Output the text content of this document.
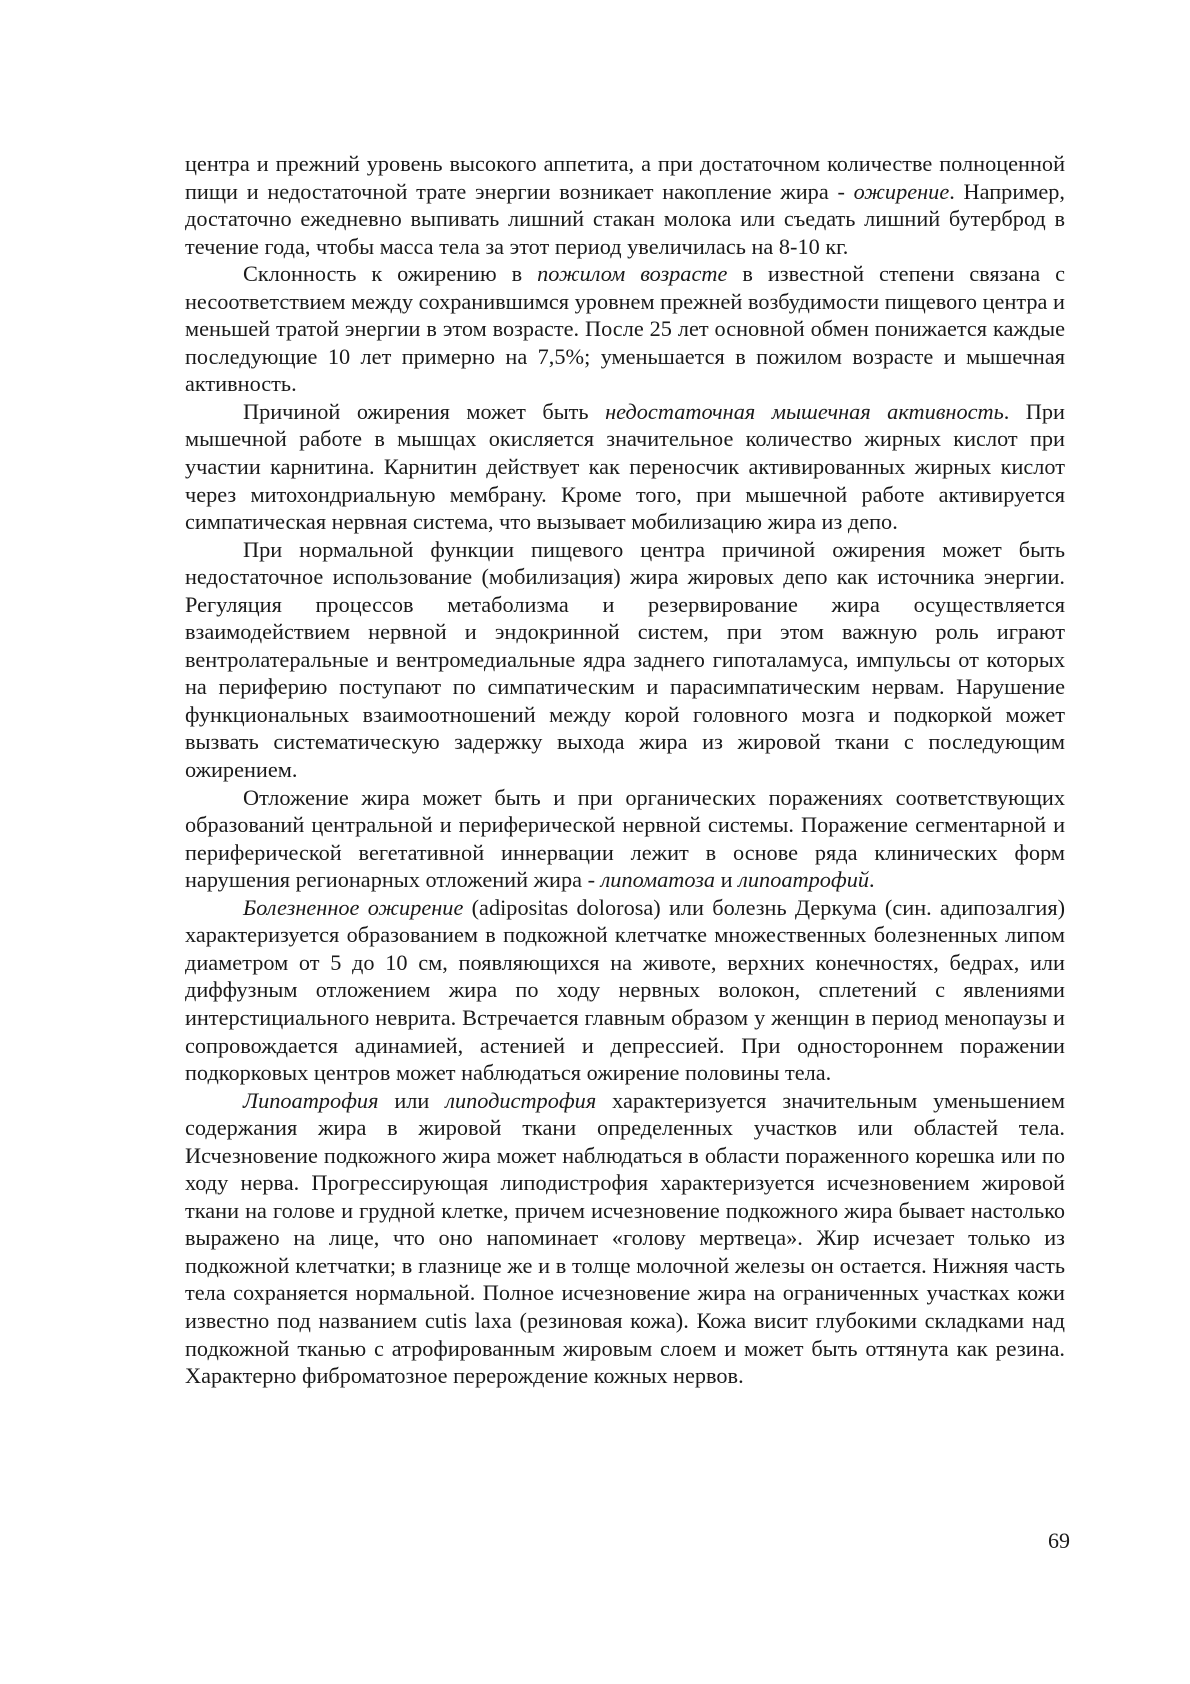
центра и прежний уровень высокого аппетита, а при достаточном количестве полноценной пищи и недостаточной трате энергии возникает накопление жира - ожирение. Например, достаточно ежедневно выпивать лишний стакан молока или съедать лишний бутерброд в течение года, чтобы масса тела за этот период увеличилась на 8-10 кг.

Склонность к ожирению в пожилом возрасте в известной степени связана с несоответствием между сохранившимся уровнем прежней возбудимости пищевого центра и меньшей тратой энергии в этом возрасте. После 25 лет основной обмен понижается каждые последующие 10 лет примерно на 7,5%; уменьшается в пожилом возрасте и мышечная активность.

Причиной ожирения может быть недостаточная мышечная активность. При мышечной работе в мышцах окисляется значительное количество жирных кислот при участии карнитина. Карнитин действует как переносчик активированных жирных кислот через митохондриальную мембрану. Кроме того, при мышечной работе активируется симпатическая нервная система, что вызывает мобилизацию жира из депо.

При нормальной функции пищевого центра причиной ожирения может быть недостаточное использование (мобилизация) жира жировых депо как источника энергии. Регуляция процессов метаболизма и резервирование жира осуществляется взаимодействием нервной и эндокринной систем, при этом важную роль играют вентролатеральные и вентромедиальные ядра заднего гипоталамуса, импульсы от которых на периферию поступают по симпатическим и парасимпатическим нервам. Нарушение функциональных взаимоотношений между корой головного мозга и подкоркой может вызвать систематическую задержку выхода жира из жировой ткани с последующим ожирением.

Отложение жира может быть и при органических поражениях соответствующих образований центральной и периферической нервной системы. Поражение сегментарной и периферической вегетативной иннервации лежит в основе ряда клинических форм нарушения регионарных отложений жира - липоматоза и липоатрофий.

Болезненное ожирение (adipositas dolorosa) или болезнь Деркума (син. адипозалгия) характеризуется образованием в подкожной клетчатке множественных болезненных липом диаметром от 5 до 10 см, появляющихся на животе, верхних конечностях, бедрах, или диффузным отложением жира по ходу нервных волокон, сплетений с явлениями интерстициального неврита. Встречается главным образом у женщин в период менопаузы и сопровождается адинамией, астенией и депрессией. При одностороннем поражении подкорковых центров может наблюдаться ожирение половины тела.

Липоатрофия или липодистрофия характеризуется значительным уменьшением содержания жира в жировой ткани определенных участков или областей тела. Исчезновение подкожного жира может наблюдаться в области пораженного корешка или по ходу нерва. Прогрессирующая липодистрофия характеризуется исчезновением жировой ткани на голове и грудной клетке, причем исчезновение подкожного жира бывает настолько выражено на лице, что оно напоминает «голову мертвеца». Жир исчезает только из подкожной клетчатки; в глазнице же и в толще молочной железы он остается. Нижняя часть тела сохраняется нормальной. Полное исчезновение жира на ограниченных участках кожи известно под названием cutis laxa (резиновая кожа). Кожа висит глубокими складками над подкожной тканью с атрофированным жировым слоем и может быть оттянута как резина. Характерно фиброматозное перерождение кожных нервов.

69
